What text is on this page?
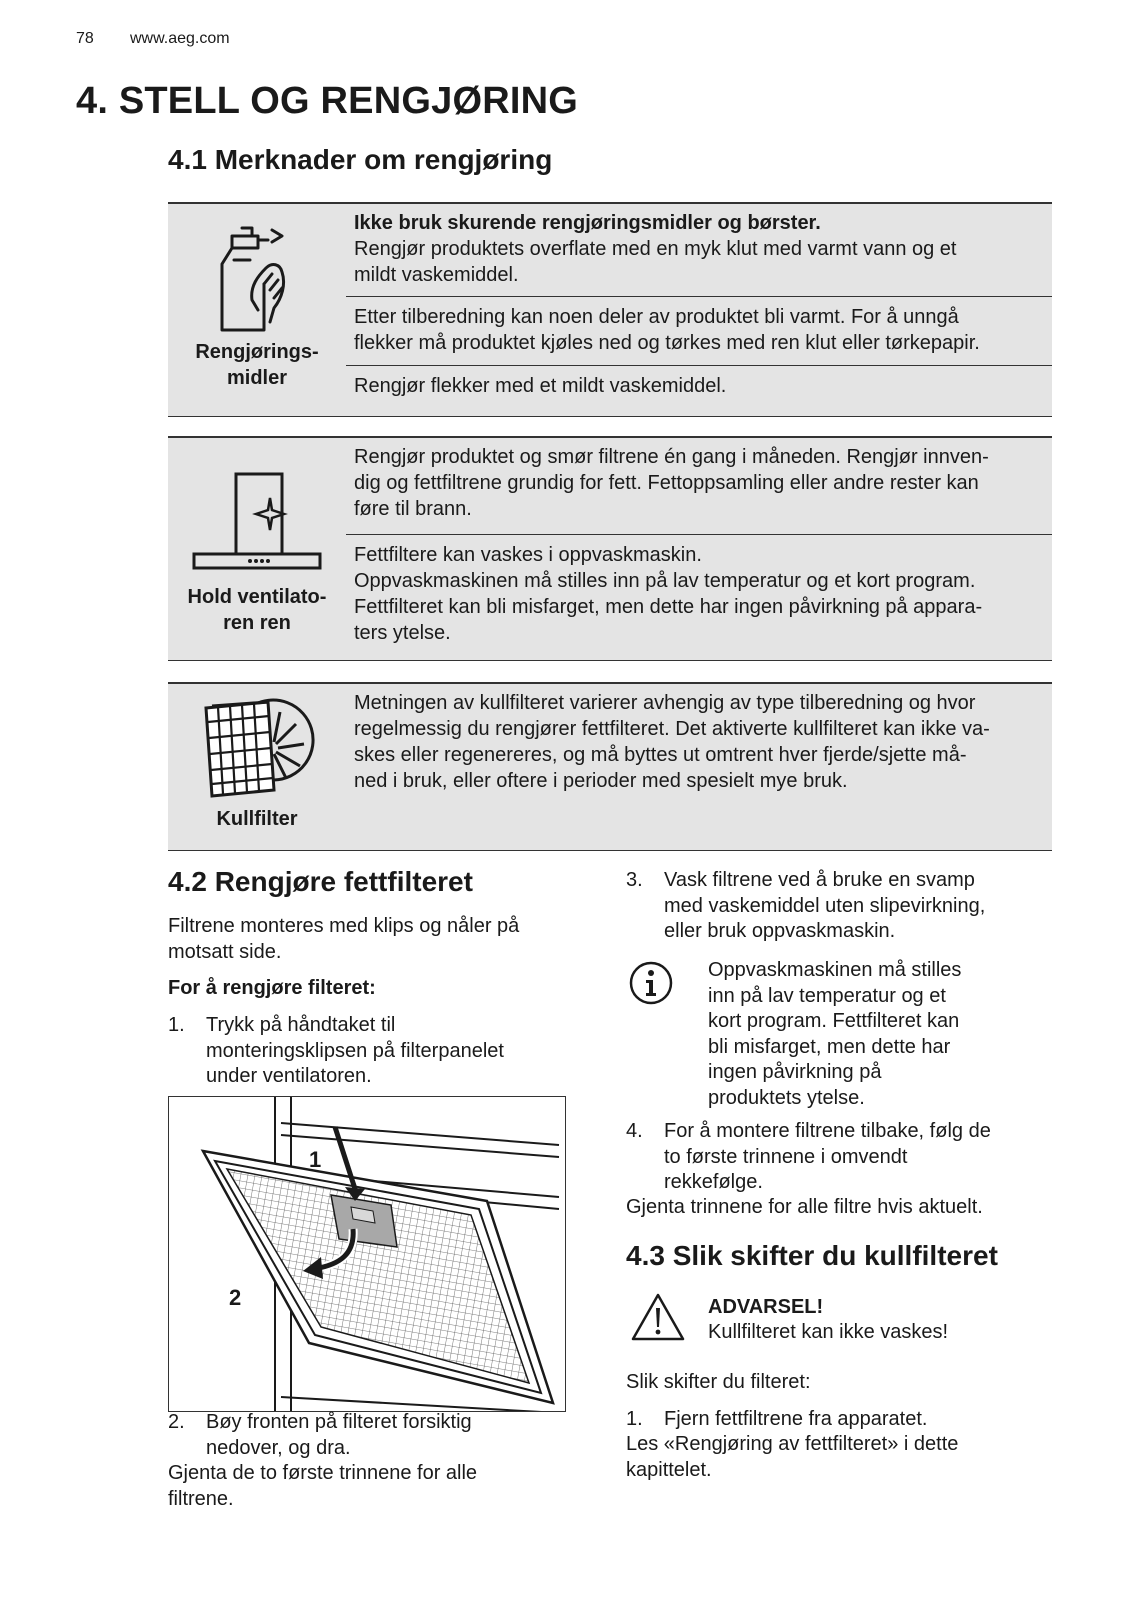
78 www.aeg.com
4. STELL OG RENGJØRING
4.1 Merknader om rengjøring
Rengjørings-
midler
Ikke bruk skurende rengjøringsmidler og børster.
Rengjør produktets overflate med en myk klut med varmt vann og et
mildt vaskemiddel.
Etter tilberedning kan noen deler av produktet bli varmt. For å unngå
flekker må produktet kjøles ned og tørkes med ren klut eller tørkepapir.
Rengjør flekker med et mildt vaskemiddel.
Hold ventilato-
ren ren
Rengjør produktet og smør filtrene én gang i måneden. Rengjør innven-
dig og fettfiltrene grundig for fett. Fettoppsamling eller andre rester kan
føre til brann.
Fettfiltere kan vaskes i oppvaskmaskin.
Oppvaskmaskinen må stilles inn på lav temperatur og et kort program.
Fettfilteret kan bli misfarget, men dette har ingen påvirkning på appara-
ters ytelse.
Kullfilter
Metningen av kullfilteret varierer avhengig av type tilberedning og hvor
regelmessig du rengjører fettfilteret. Det aktiverte kullfilteret kan ikke va-
skes eller regenereres, og må byttes ut omtrent hver fjerde/sjette må-
ned i bruk, eller oftere i perioder med spesielt mye bruk.
4.2 Rengjøre fettfilteret
Filtrene monteres med klips og nåler på
motsatt side.
For å rengjøre filteret:
1. Trykk på håndtaket til
monteringsklipsen på filterpanelet
under ventilatoren.
1
2
2. Bøy fronten på filteret forsiktig
nedover, og dra.
Gjenta de to første trinnene for alle
filtrene.
3. Vask filtrene ved å bruke en svamp
med vaskemiddel uten slipevirkning,
eller bruk oppvaskmaskin.
Oppvaskmaskinen må stilles
inn på lav temperatur og et
kort program. Fettfilteret kan
bli misfarget, men dette har
ingen påvirkning på
produktets ytelse.
4. For å montere filtrene tilbake, følg de
to første trinnene i omvendt
rekkefølge.
Gjenta trinnene for alle filtre hvis aktuelt.
4.3 Slik skifter du kullfilteret
ADVARSEL!
Kullfilteret kan ikke vaskes!
Slik skifter du filteret:
1. Fjern fettfiltrene fra apparatet.
Les «Rengjøring av fettfilteret» i dette
kapittelet.
